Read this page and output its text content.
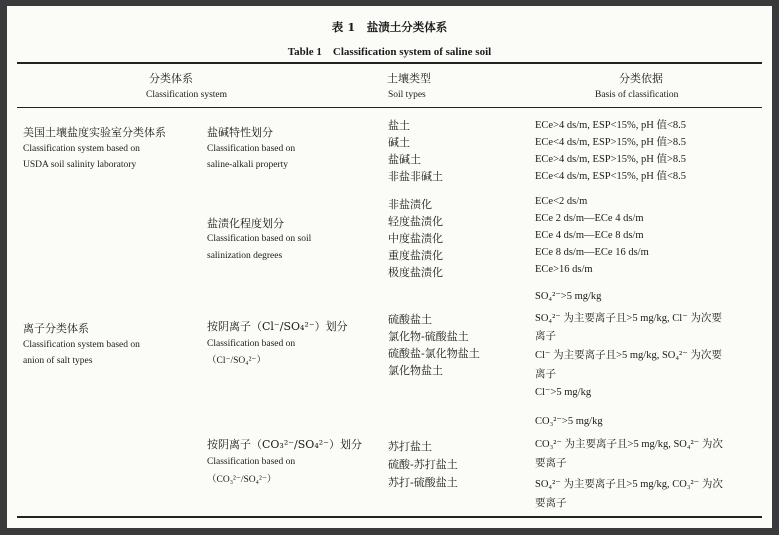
表 1　盐渍土分类体系
Table 1　Classification system of saline soil
分类体系
Classification system
土壤类型
Soil types
分类依据
Basis of classification
美国土壤盐度实验室分类体系
Classification system based on
USDA soil salinity laboratory
盐碱特性划分
Classification based on
saline-alkali property
盐土
碱土
盐碱土
非盐非碱土
ECe>4 ds/m, ESP<15%, pH 值<8.5
ECe<4 ds/m, ESP>15%, pH 值>8.5
ECe>4 ds/m, ESP>15%, pH 值>8.5
ECe<4 ds/m, ESP<15%, pH 值<8.5
盐渍化程度划分
Classification based on soil
salinization degrees
非盐渍化
轻度盐渍化
中度盐渍化
重度盐渍化
极度盐渍化
ECe<2 ds/m
ECe 2 ds/m—ECe 4 ds/m
ECe 4 ds/m—ECe 8 ds/m
ECe 8 ds/m—ECe 16 ds/m
ECe>16 ds/m
离子分类体系
Classification system based on
anion of salt types
按阴离子（Cl⁻/SO₄²⁻）划分
Classification based on
（Cl⁻/SO₄²⁻）
硫酸盐土
氯化物-硫酸盐土
硫酸盐-氯化物盐土
氯化物盐土
SO₄²⁻>5 mg/kg
SO₄²⁻ 为主要离子且>5 mg/kg, Cl⁻ 为次要
离子
Cl⁻ 为主要离子且>5 mg/kg, SO₄²⁻ 为次要
离子
Cl⁻>5 mg/kg
按阴离子（CO₃²⁻/SO₄²⁻）划分
Classification based on
（CO₃²⁻/SO₄²⁻）
苏打盐土
硫酸-苏打盐土
苏打-硫酸盐土
CO₃²⁻>5 mg/kg
CO₃²⁻ 为主要离子且>5 mg/kg, SO₄²⁻ 为次
要离子
SO₄²⁻ 为主要离子且>5 mg/kg, CO₃²⁻ 为次
要离子
